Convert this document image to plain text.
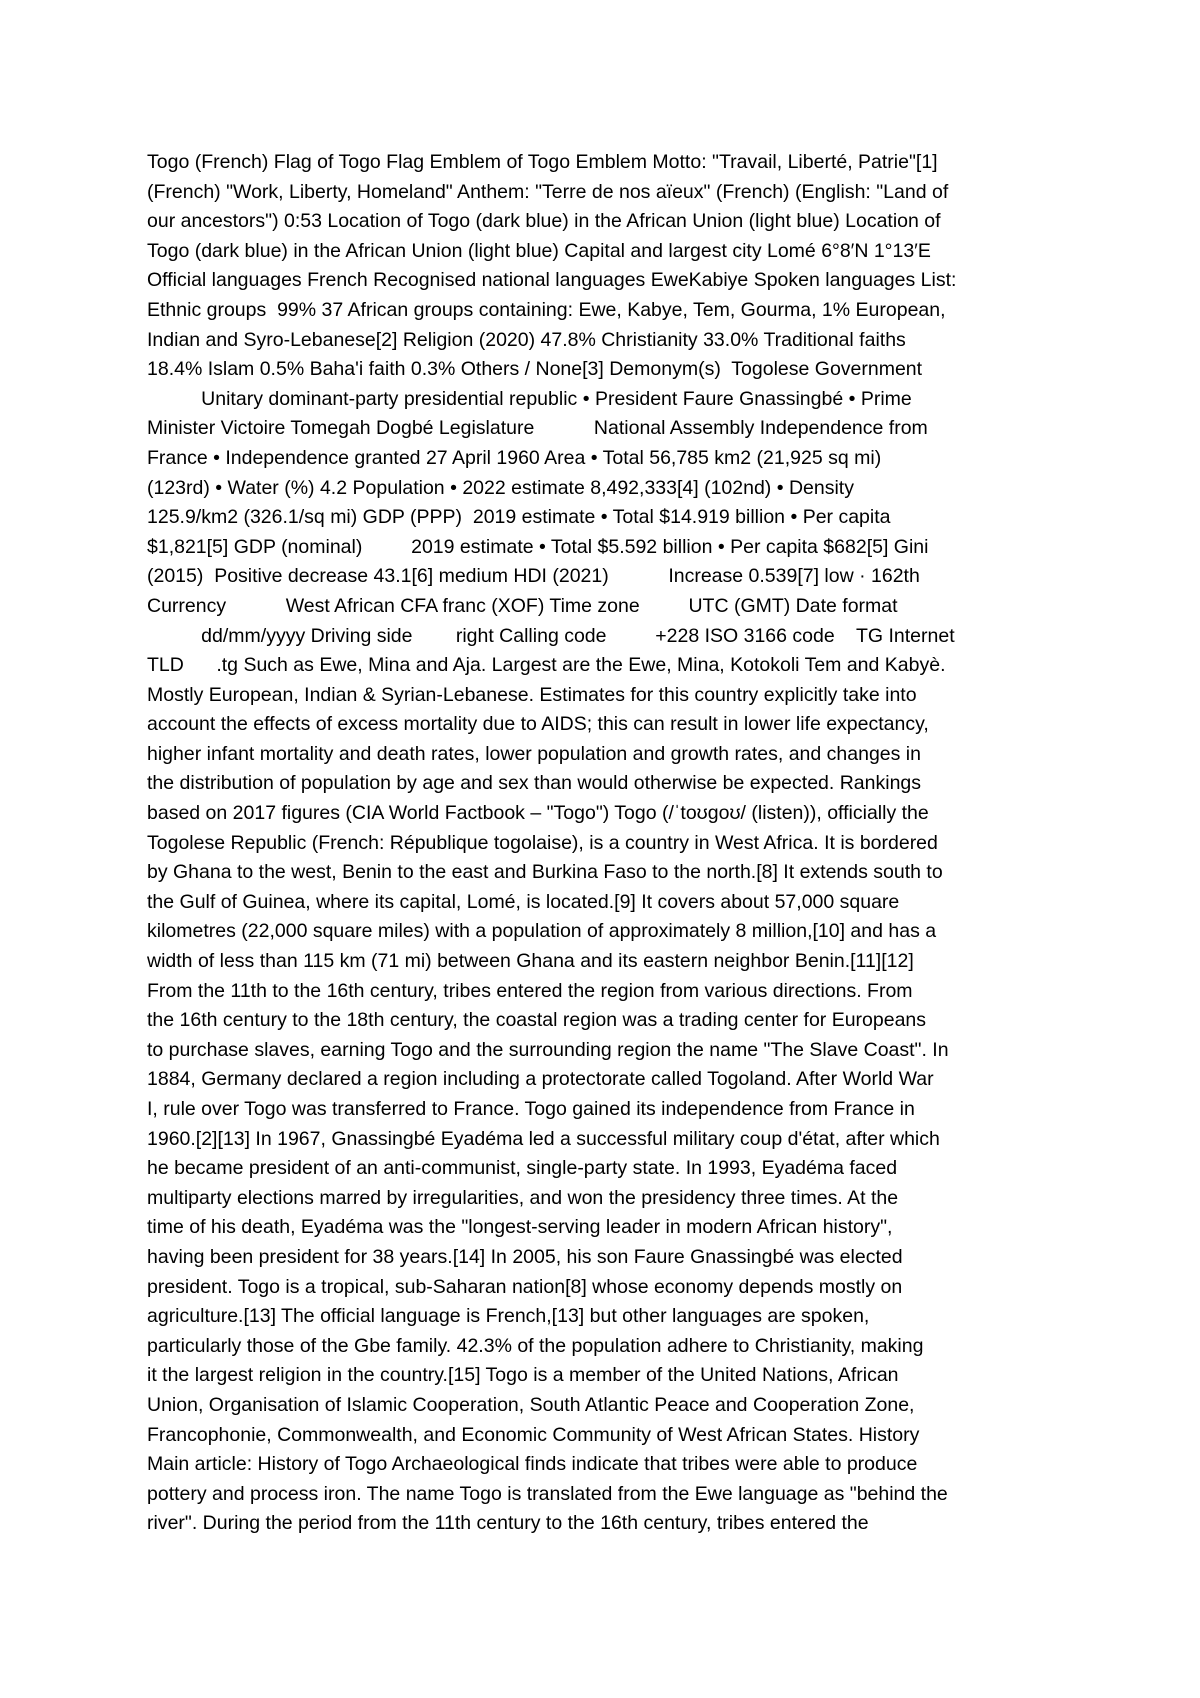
Togo (French) Flag of Togo Flag Emblem of Togo Emblem Motto: "Travail, Liberté, Patrie"[1]
(French) "Work, Liberty, Homeland" Anthem: "Terre de nos aïeux" (French) (English: "Land of
our ancestors") 0:53 Location of Togo (dark blue) in the African Union (light blue) Location of
Togo (dark blue) in the African Union (light blue) Capital and largest city Lomé 6°8′N 1°13′E
Official languages French Recognised national languages EweKabiye Spoken languages List:
Ethnic groups  99% 37 African groups containing: Ewe, Kabye, Tem, Gourma, 1% European,
Indian and Syro-Lebanese[2] Religion (2020) 47.8% Christianity 33.0% Traditional faiths
18.4% Islam 0.5% Baha'i faith 0.3% Others / None[3] Demonym(s)  Togolese Government
Unitary dominant-party presidential republic • President Faure Gnassingbé • Prime
Minister Victoire Tomegah Dogbé Legislature           National Assembly Independence from
France • Independence granted 27 April 1960 Area • Total 56,785 km2 (21,925 sq mi)
(123rd) • Water (%) 4.2 Population • 2022 estimate 8,492,333[4] (102nd) • Density
125.9/km2 (326.1/sq mi) GDP (PPP)  2019 estimate • Total $14.919 billion • Per capita
$1,821[5] GDP (nominal)         2019 estimate • Total $5.592 billion • Per capita $682[5] Gini
(2015)  Positive decrease 43.1[6] medium HDI (2021)           Increase 0.539[7] low · 162th
Currency           West African CFA franc (XOF) Time zone         UTC (GMT) Date format
dd/mm/yyyy Driving side        right Calling code         +228 ISO 3166 code    TG Internet
TLD      .tg Such as Ewe, Mina and Aja. Largest are the Ewe, Mina, Kotokoli Tem and Kabyè.
Mostly European, Indian & Syrian-Lebanese. Estimates for this country explicitly take into
account the effects of excess mortality due to AIDS; this can result in lower life expectancy,
higher infant mortality and death rates, lower population and growth rates, and changes in
the distribution of population by age and sex than would otherwise be expected. Rankings
based on 2017 figures (CIA World Factbook – "Togo") Togo (/ˈtoʊɡoʊ/ (listen)), officially the
Togolese Republic (French: République togolaise), is a country in West Africa. It is bordered
by Ghana to the west, Benin to the east and Burkina Faso to the north.[8] It extends south to
the Gulf of Guinea, where its capital, Lomé, is located.[9] It covers about 57,000 square
kilometres (22,000 square miles) with a population of approximately 8 million,[10] and has a
width of less than 115 km (71 mi) between Ghana and its eastern neighbor Benin.[11][12]
From the 11th to the 16th century, tribes entered the region from various directions. From
the 16th century to the 18th century, the coastal region was a trading center for Europeans
to purchase slaves, earning Togo and the surrounding region the name "The Slave Coast". In
1884, Germany declared a region including a protectorate called Togoland. After World War
I, rule over Togo was transferred to France. Togo gained its independence from France in
1960.[2][13] In 1967, Gnassingbé Eyadéma led a successful military coup d'état, after which
he became president of an anti-communist, single-party state. In 1993, Eyadéma faced
multiparty elections marred by irregularities, and won the presidency three times. At the
time of his death, Eyadéma was the "longest-serving leader in modern African history",
having been president for 38 years.[14] In 2005, his son Faure Gnassingbé was elected
president. Togo is a tropical, sub-Saharan nation[8] whose economy depends mostly on
agriculture.[13] The official language is French,[13] but other languages are spoken,
particularly those of the Gbe family. 42.3% of the population adhere to Christianity, making
it the largest religion in the country.[15] Togo is a member of the United Nations, African
Union, Organisation of Islamic Cooperation, South Atlantic Peace and Cooperation Zone,
Francophonie, Commonwealth, and Economic Community of West African States. History
Main article: History of Togo Archaeological finds indicate that tribes were able to produce
pottery and process iron. The name Togo is translated from the Ewe language as "behind the
river". During the period from the 11th century to the 16th century, tribes entered the
